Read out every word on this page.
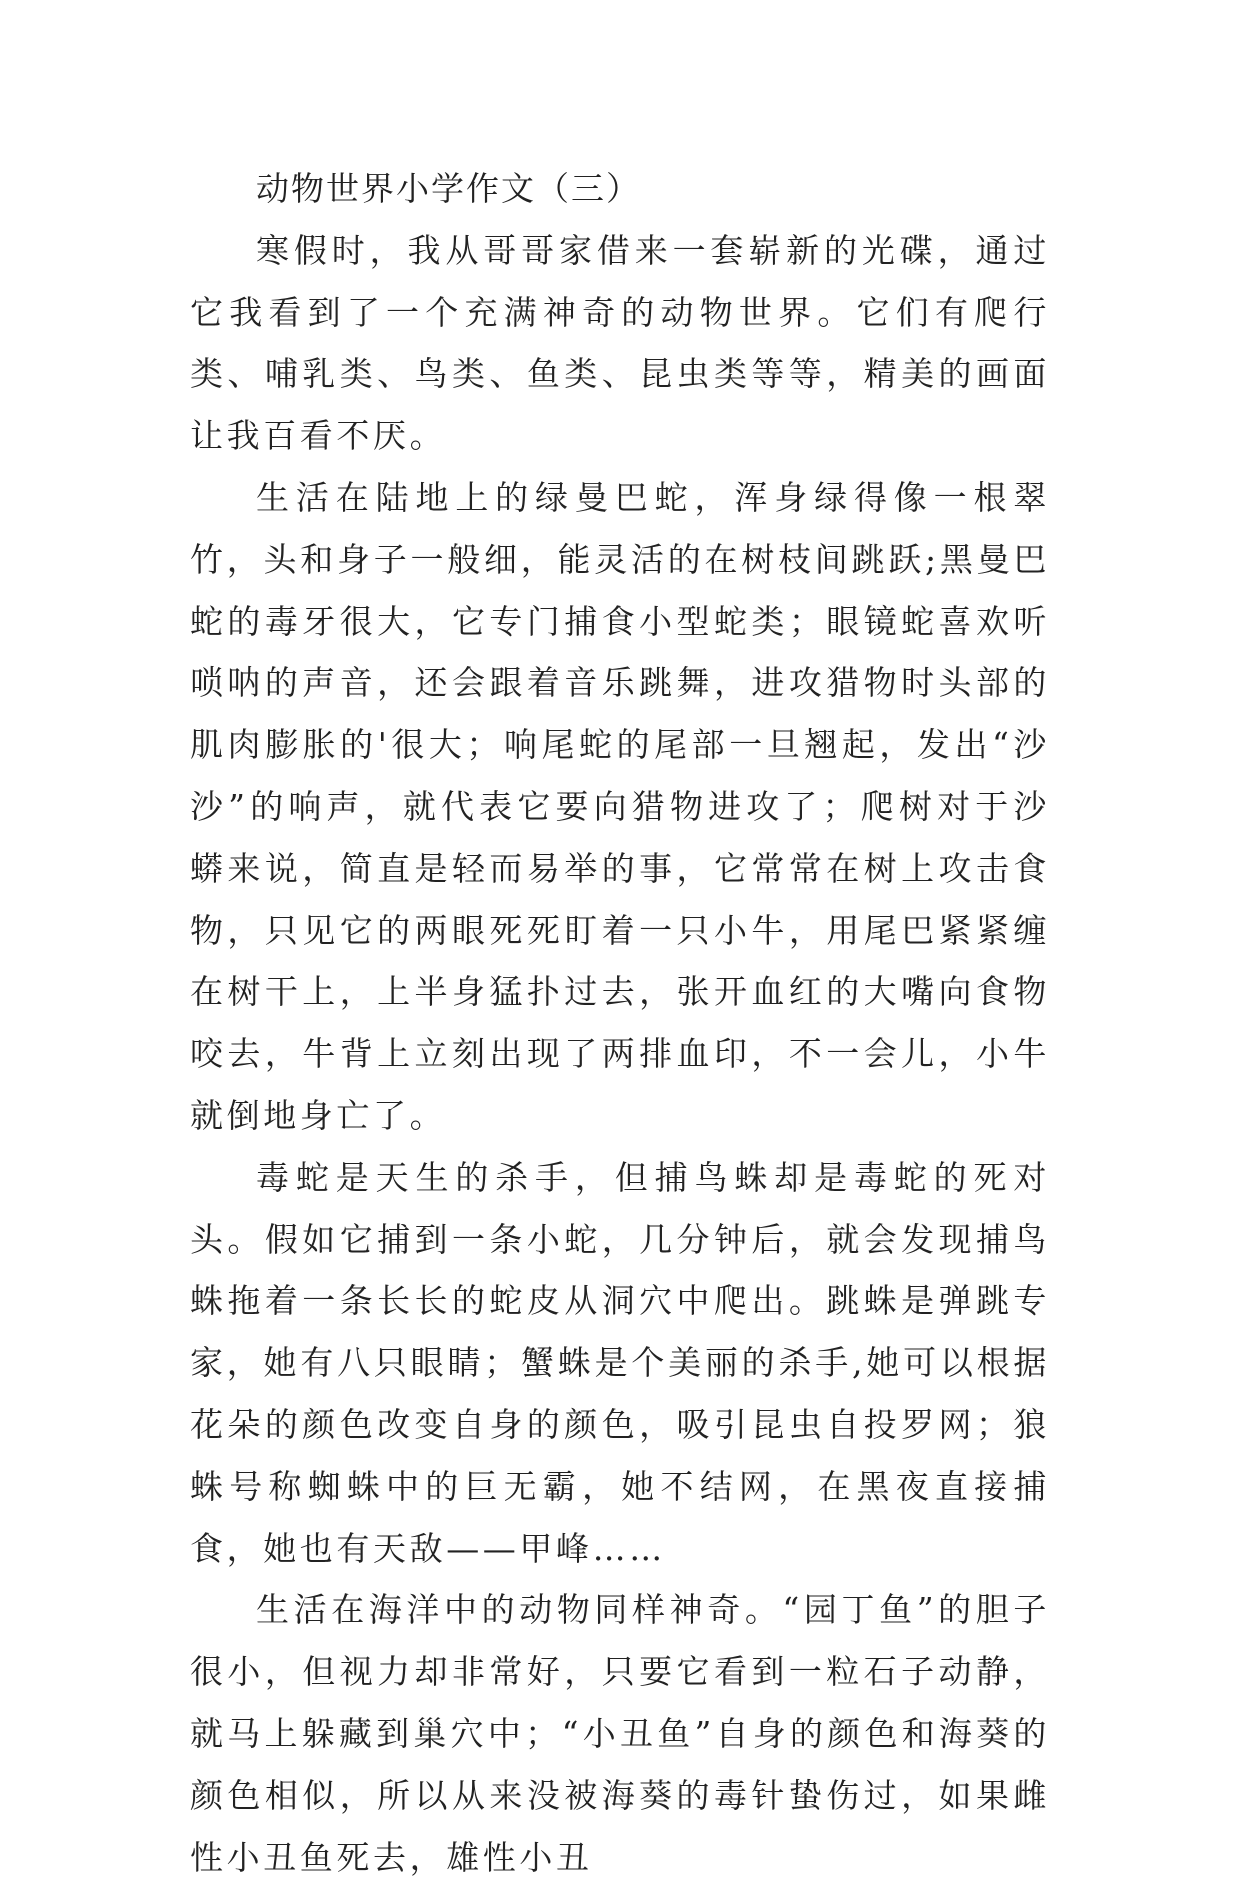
动物世界小学作文（三）

寒假时，我从哥哥家借来一套崭新的光碟，通过它我看到了一个充满神奇的动物世界。它们有爬行类、哺乳类、鸟类、鱼类、昆虫类等等，精美的画面让我百看不厌。

生活在陆地上的绿曼巴蛇，浑身绿得像一根翠竹，头和身子一般细，能灵活的在树枝间跳跃;黑曼巴蛇的毒牙很大，它专门捕食小型蛇类；眼镜蛇喜欢听唢呐的声音，还会跟着音乐跳舞，进攻猎物时头部的肌肉膨胀的'很大；响尾蛇的尾部一旦翘起，发出“沙沙”的响声，就代表它要向猎物进攻了；爬树对于沙蟒来说，简直是轻而易举的事，它常常在树上攻击食物，只见它的两眼死死盯着一只小牛，用尾巴紧紧缠在树干上，上半身猛扑过去，张开血红的大嘴向食物咬去，牛背上立刻出现了两排血印，不一会儿，小牛就倒地身亡了。

毒蛇是天生的杀手，但捕鸟蛛却是毒蛇的死对头。假如它捕到一条小蛇，几分钟后，就会发现捕鸟蛛拖着一条长长的蛇皮从洞穴中爬出。跳蛛是弹跳专家，她有八只眼睛；蟹蛛是个美丽的杀手,她可以根据花朵的颜色改变自身的颜色，吸引昆虫自投罗网；狼蛛号称蜘蛛中的巨无霸，她不结网，在黑夜直接捕食，她也有天敌——甲峰……

生活在海洋中的动物同样神奇。“园丁鱼”的胆子很小，但视力却非常好，只要它看到一粒石子动静，就马上躲藏到巢穴中；“小丑鱼”自身的颜色和海葵的颜色相似，所以从来没被海葵的毒针蛰伤过，如果雌性小丑鱼死去，雄性小丑
